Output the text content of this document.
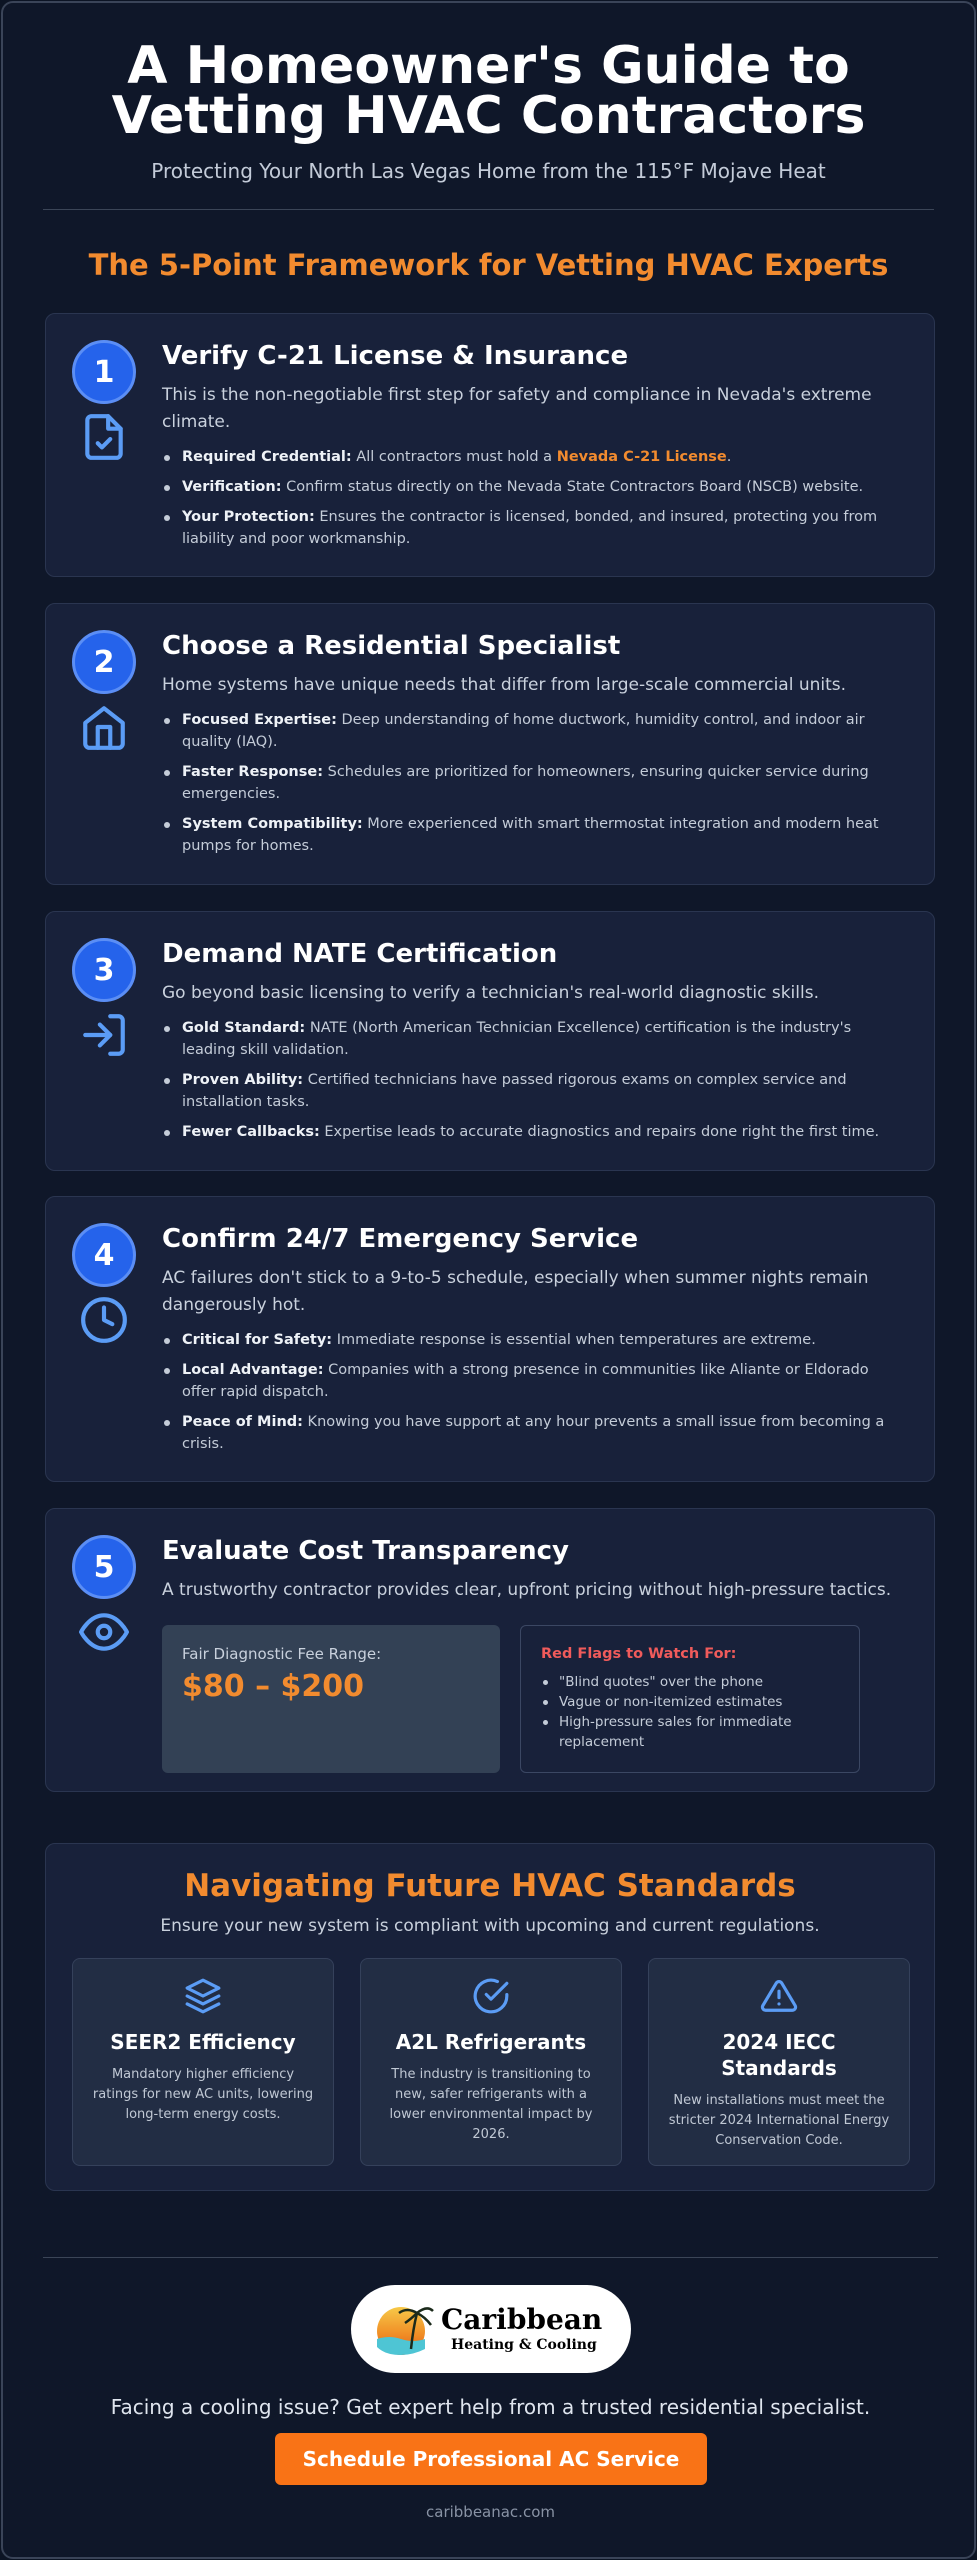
A Homeowner's Guide to Vetting HVAC Contractors
Protecting Your North Las Vegas Home from the 115°F Mojave Heat
The 5-Point Framework for Vetting HVAC Experts
1	Verify C-21 License & Insurance
This is the non-negotiable first step for safety and compliance in Nevada's extreme climate.
Required Credential: All contractors must hold a Nevada C-21 License.
Verification: Confirm status directly on the Nevada State Contractors Board (NSCB) website.
Your Protection: Ensures the contractor is licensed, bonded, and insured, protecting you from liability and poor workmanship.
2	Choose a Residential Specialist
Home systems have unique needs that differ from large-scale commercial units.
Focused Expertise: Deep understanding of home ductwork, humidity control, and indoor air quality (IAQ).
Faster Response: Schedules are prioritized for homeowners, ensuring quicker service during emergencies.
System Compatibility: More experienced with smart thermostat integration and modern heat pumps for homes.
3	Demand NATE Certification
Go beyond basic licensing to verify a technician's real-world diagnostic skills.
Gold Standard: NATE (North American Technician Excellence) certification is the industry's leading skill validation.
Proven Ability: Certified technicians have passed rigorous exams on complex service and installation tasks.
Fewer Callbacks: Expertise leads to accurate diagnostics and repairs done right the first time.
4	Confirm 24/7 Emergency Service
AC failures don't stick to a 9-to-5 schedule, especially when summer nights remain dangerously hot.
Critical for Safety: Immediate response is essential when temperatures are extreme.
Local Advantage: Companies with a strong presence in communities like Aliante or Eldorado offer rapid dispatch.
Peace of Mind: Knowing you have support at any hour prevents a small issue from becoming a crisis.
5	Evaluate Cost Transparency
A trustworthy contractor provides clear, upfront pricing without high-pressure tactics.
Fair Diagnostic Fee Range:
$80 – $200
Red Flags to Watch For:
"Blind quotes" over the phone
Vague or non-itemized estimates
High-pressure sales for immediate replacement
Navigating Future HVAC Standards
Ensure your new system is compliant with upcoming and current regulations.
SEER2 Efficiency
Mandatory higher efficiency ratings for new AC units, lowering long-term energy costs.
A2L Refrigerants
The industry is transitioning to new, safer refrigerants with a lower environmental impact by 2026.
2024 IECC Standards
New installations must meet the stricter 2024 International Energy Conservation Code.
Caribbean
Heating & Cooling
Facing a cooling issue? Get expert help from a trusted residential specialist.
Schedule Professional AC Service
caribbeanac.com
